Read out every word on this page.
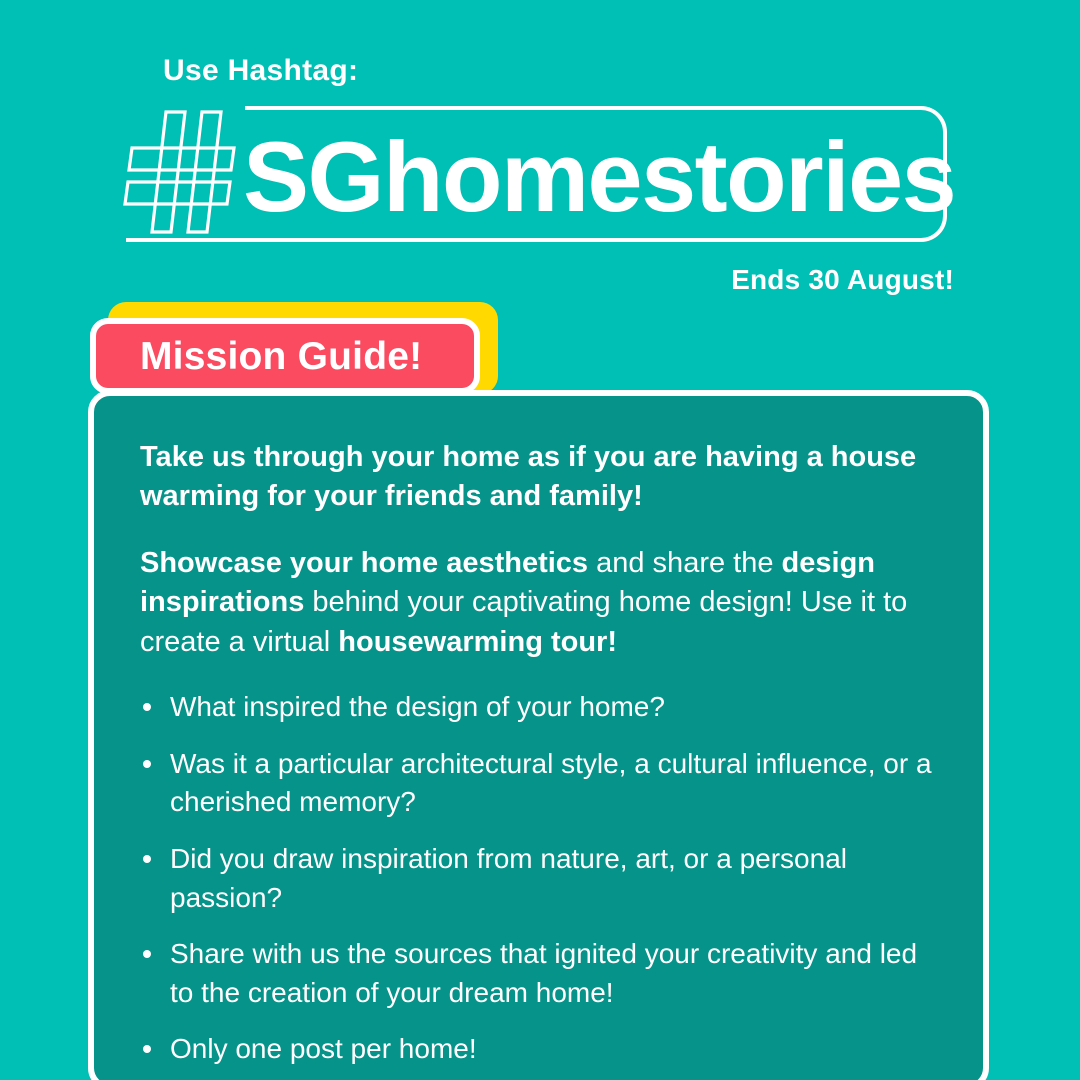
Use Hashtag:
SGhomestories
Ends 30 August!
Mission Guide!

Take us through your home as if you are having a house warming for your friends and family!

Showcase your home aesthetics and share the design inspirations behind your captivating home design! Use it to create a virtual housewarming tour!

What inspired the design of your home?
Was it a particular architectural style, a cultural influence, or a cherished memory?
Did you draw inspiration from nature, art, or a personal passion?
Share with us the sources that ignited your creativity and led to the creation of your dream home!
Only one post per home!
